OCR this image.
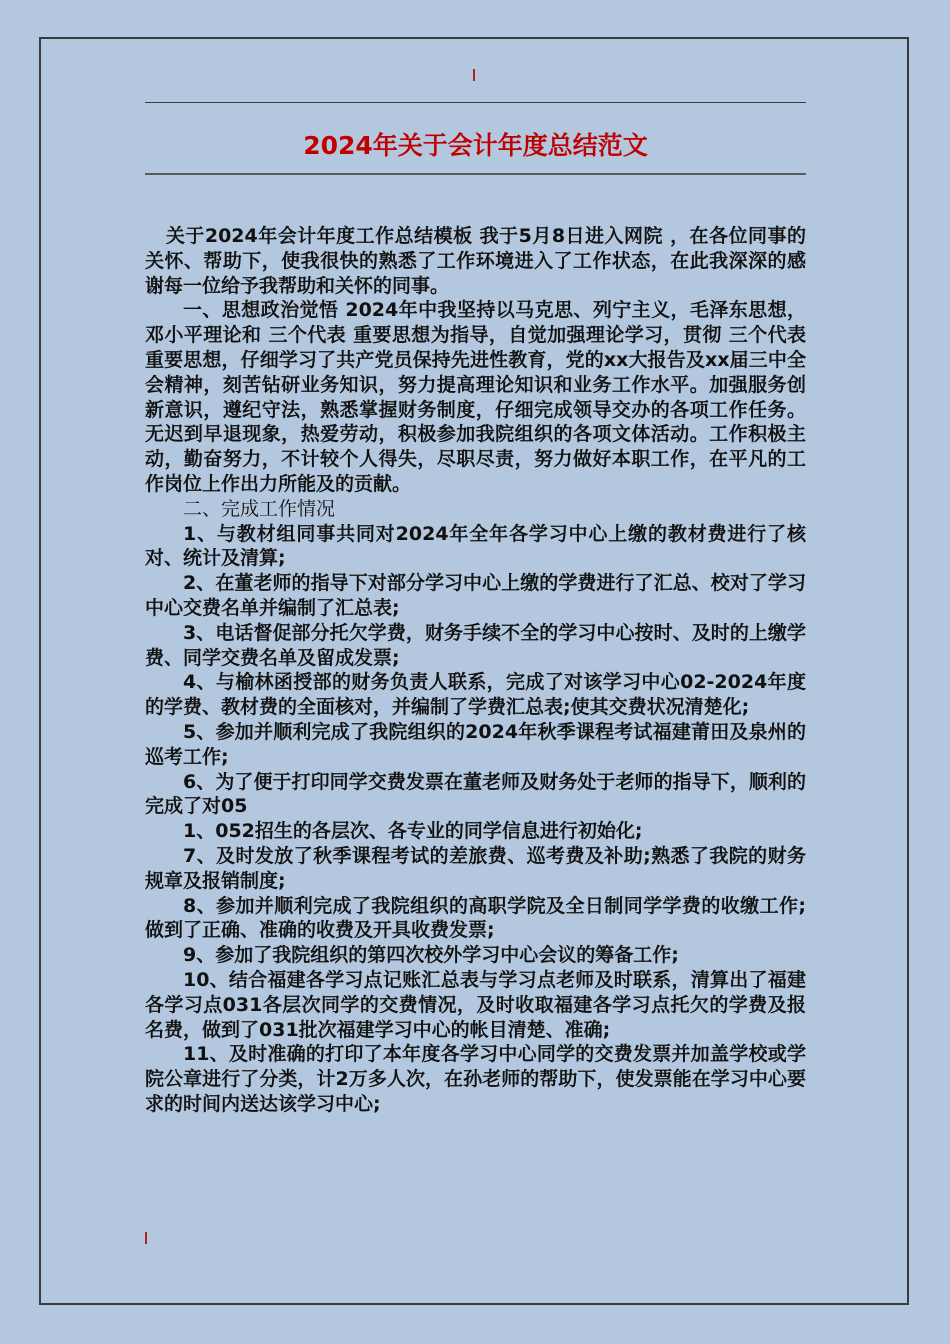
2024年关于会计年度总结范文

关于2024年会计年度工作总结模板 我于5月8日进入网院 ，在各位同事的关怀、帮助下，使我很快的熟悉了工作环境进入了工作状态，在此我深深的感谢每一位给予我帮助和关怀的同事。

一、思想政治觉悟 2024年中我坚持以马克思、列宁主义，毛泽东思想，邓小平理论和 三个代表 重要思想为指导，自觉加强理论学习，贯彻 三个代表 重要思想，仔细学习了共产党员保持先进性教育，党的xx大报告及xx届三中全会精神，刻苦钻研业务知识，努力提高理论知识和业务工作水平。加强服务创新意识，遵纪守法，熟悉掌握财务制度，仔细完成领导交办的各项工作任务。无迟到早退现象，热爱劳动，积极参加我院组织的各项文体活动。工作积极主动，勤奋努力，不计较个人得失，尽职尽责，努力做好本职工作，在平凡的工作岗位上作出力所能及的贡献。

二、完成工作情况

1、与教材组同事共同对2024年全年各学习中心上缴的教材费进行了核对、统计及清算;

2、在董老师的指导下对部分学习中心上缴的学费进行了汇总、校对了学习中心交费名单并编制了汇总表;

3、电话督促部分托欠学费，财务手续不全的学习中心按时、及时的上缴学费、同学交费名单及留成发票;

4、与榆林函授部的财务负责人联系，完成了对该学习中心02-2024年度的学费、教材费的全面核对，并编制了学费汇总表;使其交费状况清楚化;

5、参加并顺利完成了我院组织的2024年秋季课程考试福建莆田及泉州的巡考工作;

6、为了便于打印同学交费发票在董老师及财务处于老师的指导下，顺利的完成了对05

1、052招生的各层次、各专业的同学信息进行初始化;

7、及时发放了秋季课程考试的差旅费、巡考费及补助;熟悉了我院的财务规章及报销制度;

8、参加并顺利完成了我院组织的高职学院及全日制同学学费的收缴工作;做到了正确、准确的收费及开具收费发票;

9、参加了我院组织的第四次校外学习中心会议的筹备工作;

10、结合福建各学习点记账汇总表与学习点老师及时联系，清算出了福建各学习点031各层次同学的交费情况，及时收取福建各学习点托欠的学费及报名费，做到了031批次福建学习中心的帐目清楚、准确;

11、及时准确的打印了本年度各学习中心同学的交费发票并加盖学校或学院公章进行了分类，计2万多人次，在孙老师的帮助下，使发票能在学习中心要求的时间内送达该学习中心;
